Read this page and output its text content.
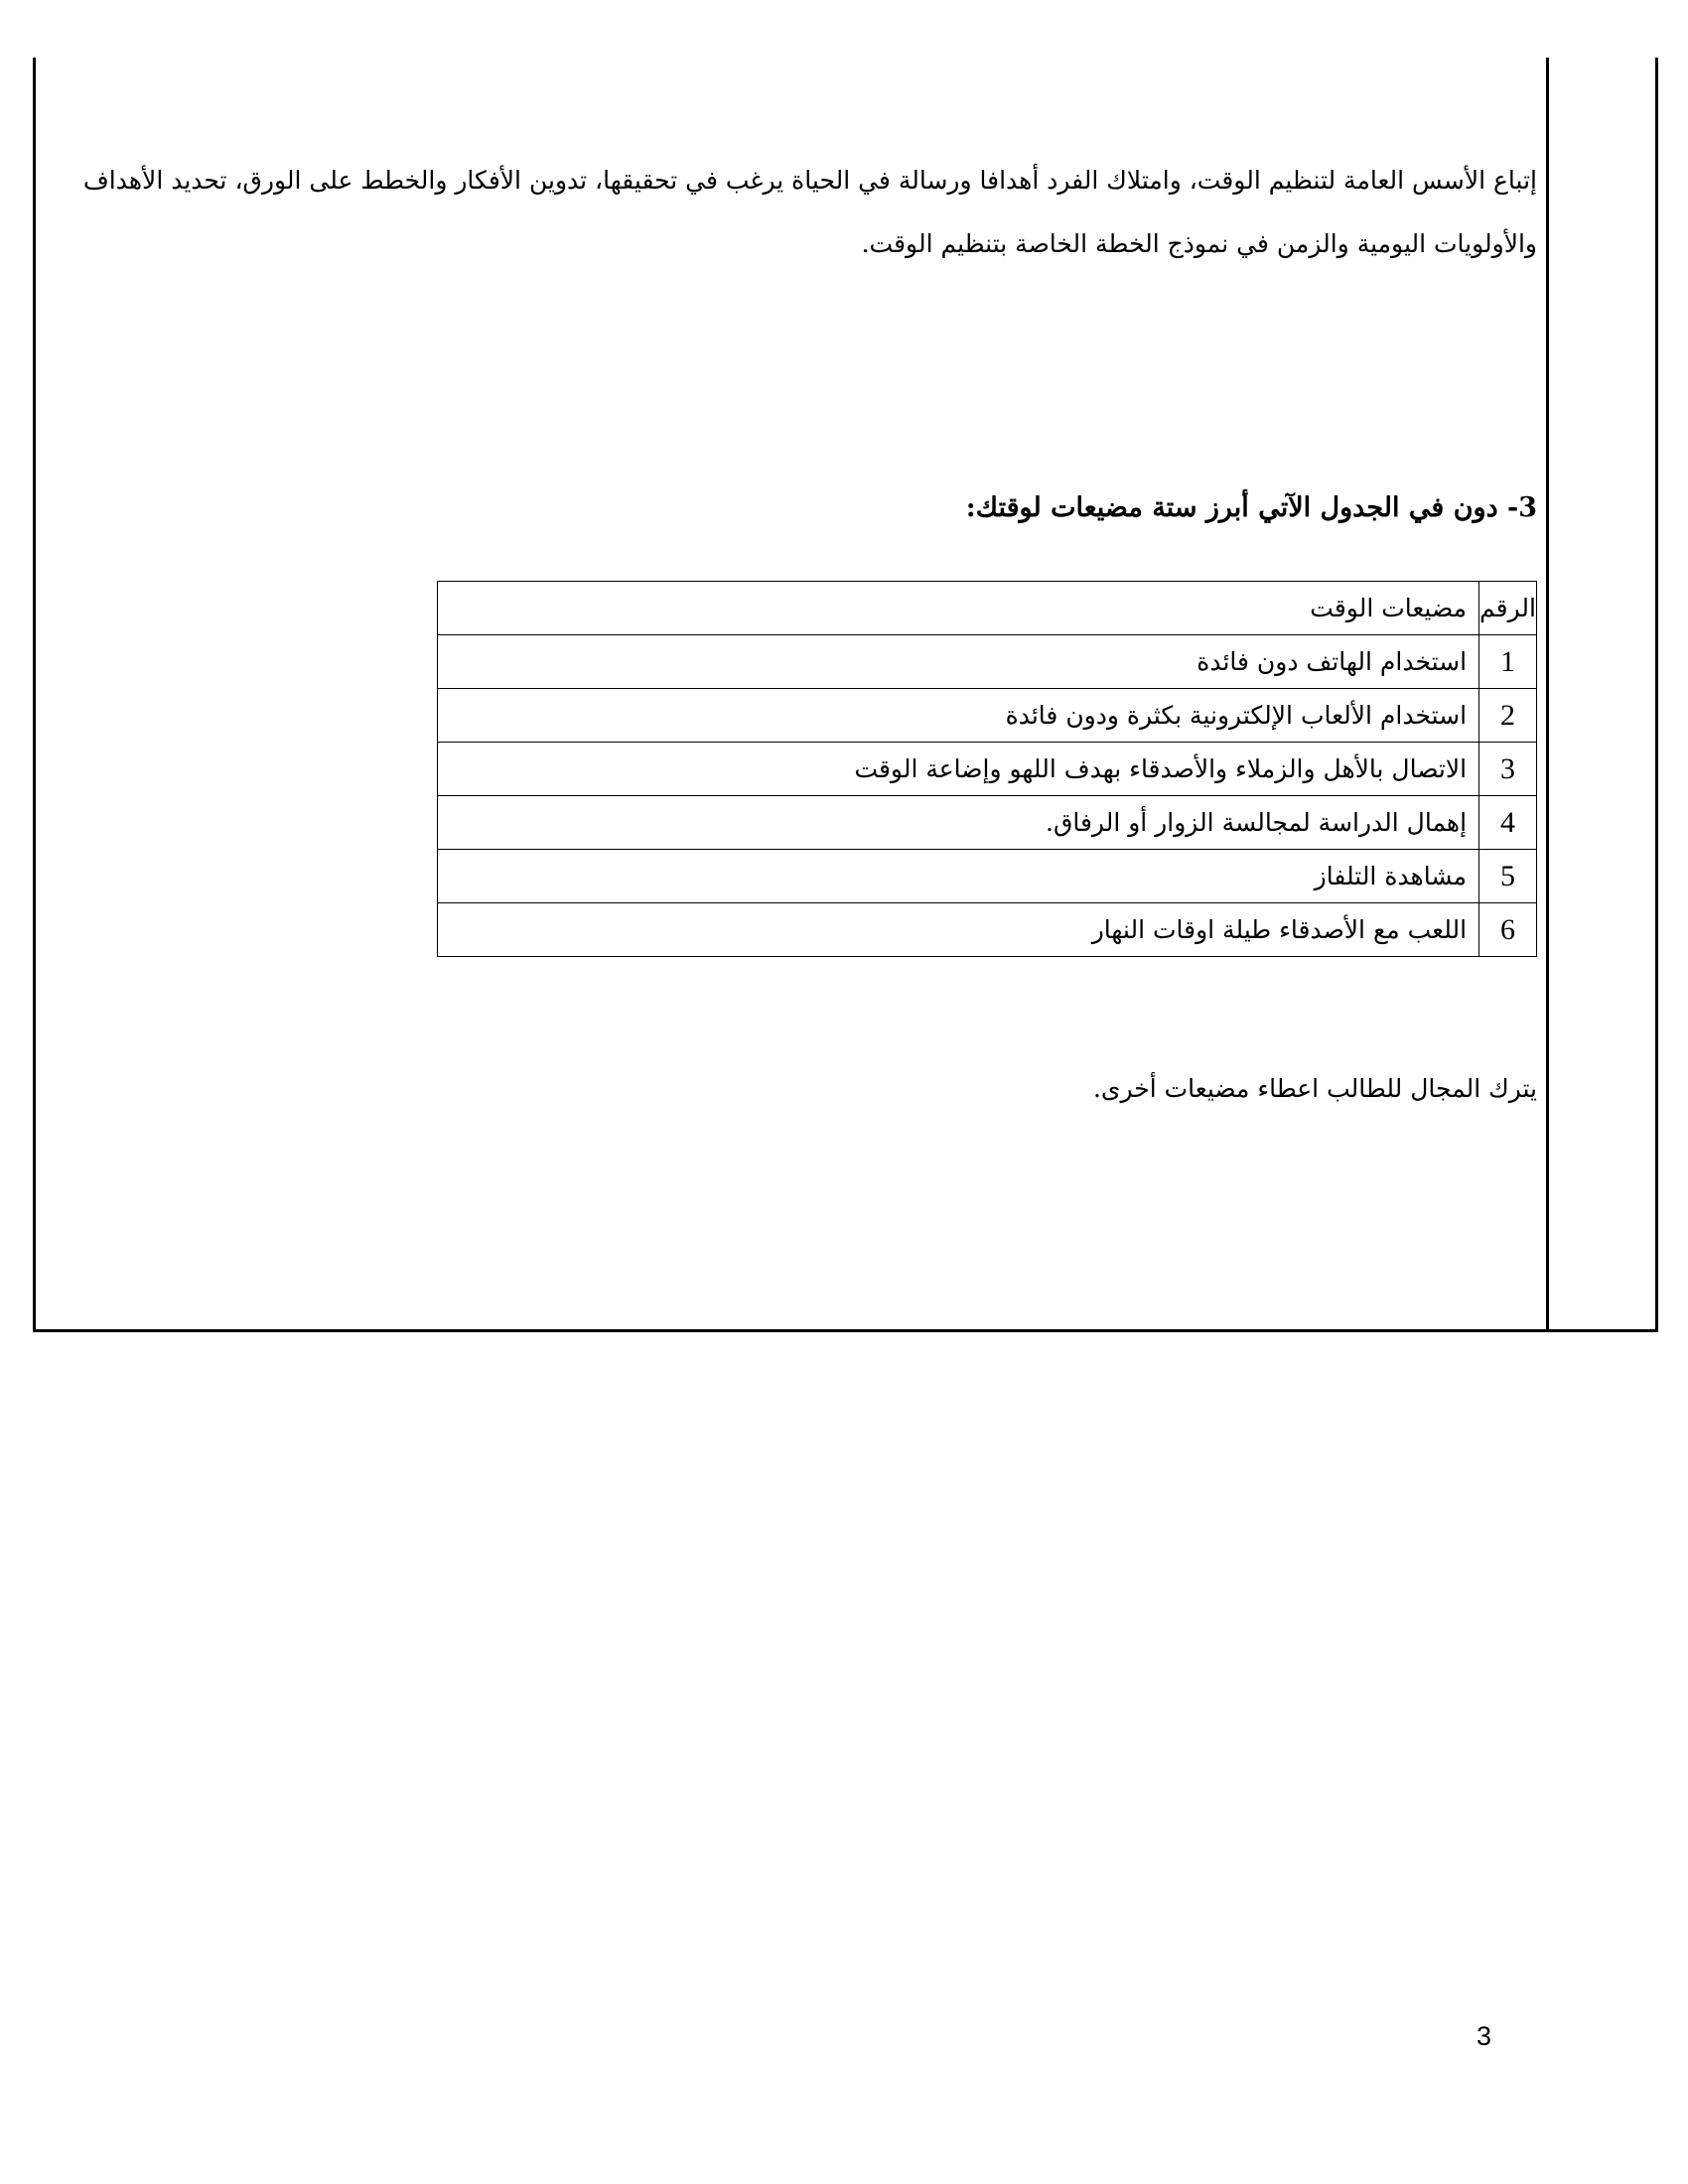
إتباع الأسس العامة لتنظيم الوقت، وامتلاك الفرد أهدافا ورسالة في الحياة يرغب في تحقيقها، تدوين الأفكار والخطط على الورق، تحديد الأهداف
والأولويات اليومية والزمن في نموذج الخطة الخاصة بتنظيم الوقت.
3- دون في الجدول الآتي أبرز ستة مضيعات لوقتك:
الرقم	مضيعات الوقت
1	استخدام الهاتف دون فائدة
2	استخدام الألعاب الإلكترونية بكثرة ودون فائدة
3	الاتصال بالأهل والزملاء والأصدقاء بهدف اللهو وإضاعة الوقت
4	إهمال الدراسة لمجالسة الزوار أو الرفاق.
5	مشاهدة التلفاز
6	اللعب مع الأصدقاء طيلة اوقات النهار
يترك المجال للطالب اعطاء مضيعات أخرى.
3
